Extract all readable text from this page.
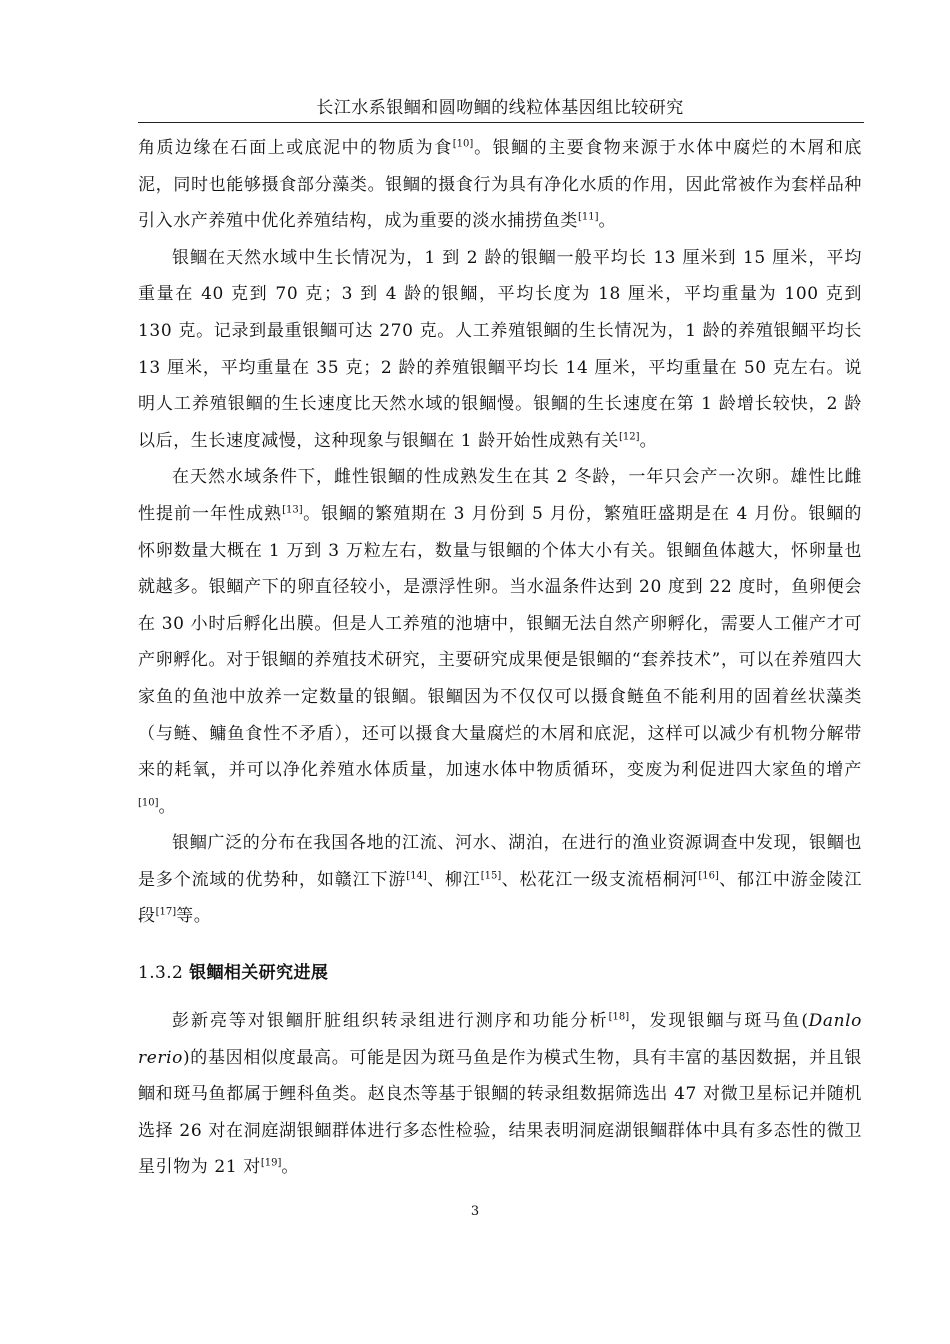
长江水系银鲴和圆吻鲴的线粒体基因组比较研究

角质边缘在石面上或底泥中的物质为食[10]。银鲴的主要食物来源于水体中腐烂的木屑和底泥，同时也能够摄食部分藻类。银鲴的摄食行为具有净化水质的作用，因此常被作为套样品种引入水产养殖中优化养殖结构，成为重要的淡水捕捞鱼类[11]。

银鲴在天然水域中生长情况为，1 到 2 龄的银鲴一般平均长 13 厘米到 15 厘米，平均重量在 40 克到 70 克；3 到 4 龄的银鲴，平均长度为 18 厘米，平均重量为 100 克到 130 克。记录到最重银鲴可达 270 克。人工养殖银鲴的生长情况为，1 龄的养殖银鲴平均长 13 厘米，平均重量在 35 克；2 龄的养殖银鲴平均长 14 厘米，平均重量在 50 克左右。说明人工养殖银鲴的生长速度比天然水域的银鲴慢。银鲴的生长速度在第 1 龄增长较快，2 龄以后，生长速度减慢，这种现象与银鲴在 1 龄开始性成熟有关[12]。

在天然水域条件下，雌性银鲴的性成熟发生在其 2 冬龄，一年只会产一次卵。雄性比雌性提前一年性成熟[13]。银鲴的繁殖期在 3 月份到 5 月份，繁殖旺盛期是在 4 月份。银鲴的怀卵数量大概在 1 万到 3 万粒左右，数量与银鲴的个体大小有关。银鲴鱼体越大，怀卵量也就越多。银鲴产下的卵直径较小，是漂浮性卵。当水温条件达到 20 度到 22 度时，鱼卵便会在 30 小时后孵化出膜。但是人工养殖的池塘中，银鲴无法自然产卵孵化，需要人工催产才可产卵孵化。对于银鲴的养殖技术研究，主要研究成果便是银鲴的“套养技术”，可以在养殖四大家鱼的鱼池中放养一定数量的银鲴。银鲴因为不仅仅可以摄食鲢鱼不能利用的固着丝状藻类（与鲢、鳙鱼食性不矛盾），还可以摄食大量腐烂的木屑和底泥，这样可以减少有机物分解带来的耗氧，并可以净化养殖水体质量，加速水体中物质循环，变废为利促进四大家鱼的增产[10]。

银鲴广泛的分布在我国各地的江流、河水、湖泊，在进行的渔业资源调查中发现，银鲴也是多个流域的优势种，如赣江下游[14]、柳江[15]、松花江一级支流梧桐河[16]、郁江中游金陵江段[17]等。

1.3.2 银鲴相关研究进展

彭新亮等对银鲴肝脏组织转录组进行测序和功能分析[18]，发现银鲴与斑马鱼(Danlo rerio)的基因相似度最高。可能是因为斑马鱼是作为模式生物，具有丰富的基因数据，并且银鲴和斑马鱼都属于鲤科鱼类。赵良杰等基于银鲴的转录组数据筛选出 47 对微卫星标记并随机选择 26 对在洞庭湖银鲴群体进行多态性检验，结果表明洞庭湖银鲴群体中具有多态性的微卫星引物为 21 对[19]。

3
